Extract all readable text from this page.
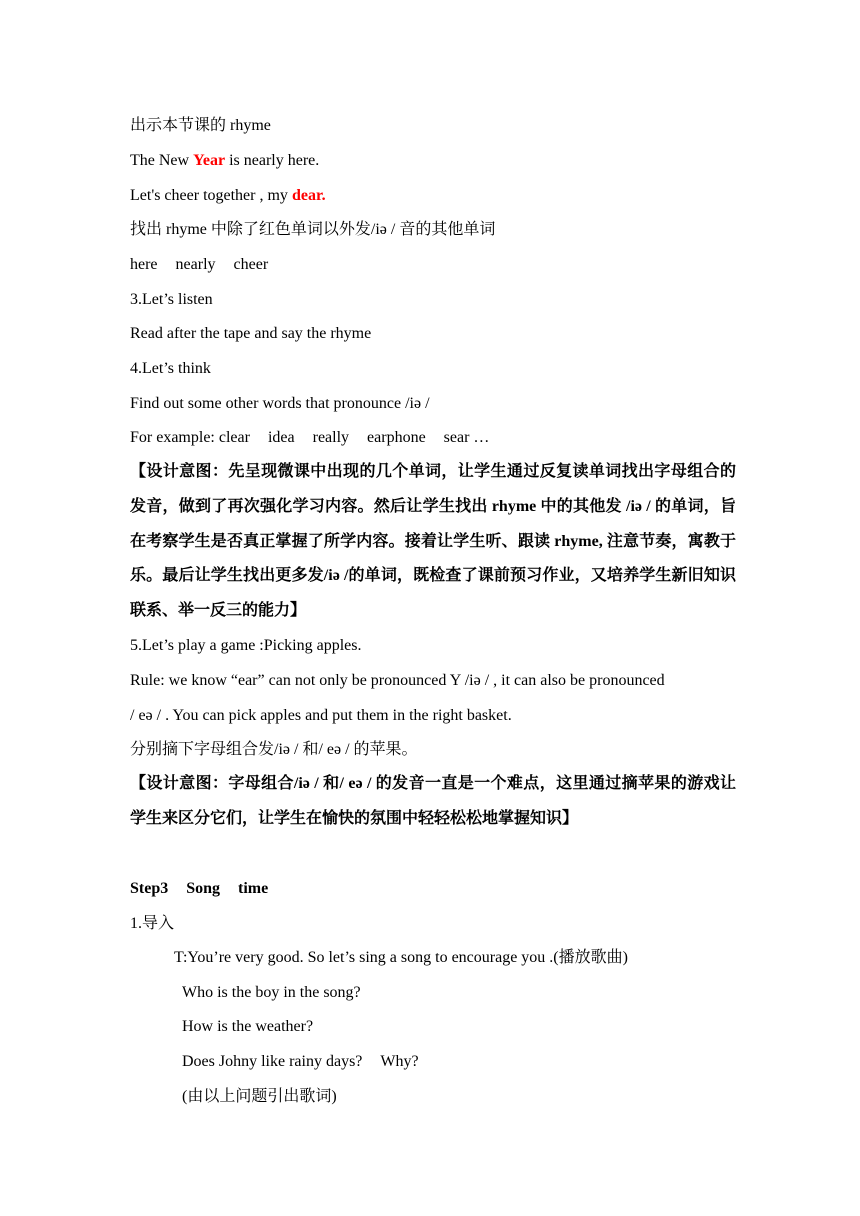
出示本节课的 rhyme
The New Year is nearly here.
Let's cheer together , my dear.
找出 rhyme 中除了红色单词以外发/iə / 音的其他单词
here nearly cheer
3.Let’s listen
Read after the tape and say the rhyme
4.Let’s think
Find out some other words that pronounce /iə /
For example: clear idea really earphone sear …
【设计意图：先呈现微课中出现的几个单词，让学生通过反复读单词找出字母组合的发音，做到了再次强化学习内容。然后让学生找出 rhyme 中的其他发 /iə / 的单词，旨在考察学生是否真正掌握了所学内容。接着让学生听、跟读 rhyme, 注意节奏，寓教于乐。最后让学生找出更多发/iə /的单词，既检查了课前预习作业，又培养学生新旧知识联系、举一反三的能力】
5.Let’s play a game :Picking apples.
Rule: we know “ear” can not only be pronounced Y /iə / , it can also be pronounced
/ eə / . You can pick apples and put them in the right basket.
分别摘下字母组合发/iə / 和/ eə / 的苹果。
【设计意图：字母组合/iə / 和/ eə / 的发音一直是一个难点，这里通过摘苹果的游戏让学生来区分它们，让学生在愉快的氛围中轻轻松松地掌握知识】
Step3 Song time
1.导入
T:You’re very good. So let’s sing a song to encourage you .(播放歌曲)
Who is the boy in the song?
How is the weather?
Does Johny like rainy days? Why?
(由以上问题引出歌词)
